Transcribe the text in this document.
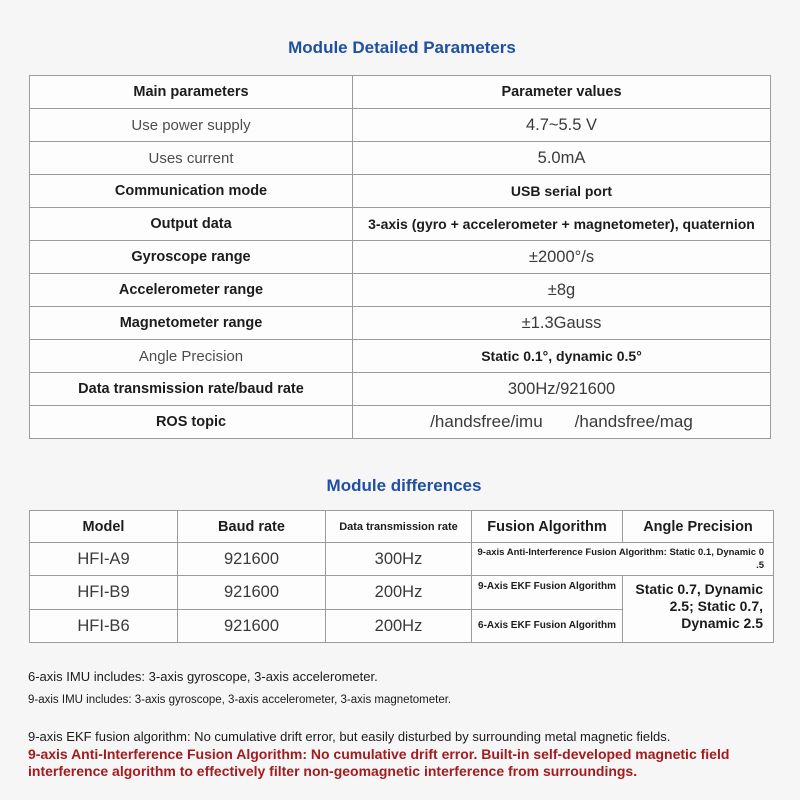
Module Detailed Parameters
Main parameters	Parameter values
Use power supply	4.7~5.5 V
Uses current	5.0mA
Communication mode	USB serial port
Output data	3-axis (gyro + accelerometer + magnetometer), quaternion
Gyroscope range	±2000°/s
Accelerometer range	±8g
Magnetometer range	±1.3Gauss
Angle Precision	Static 0.1°, dynamic 0.5°
Data transmission rate/baud rate	300Hz/921600
ROS topic	/handsfree/imu /handsfree/mag
Module differences
Model	Baud rate	Data transmission rate	Fusion Algorithm	Angle Precision
HFI-A9	921600	300Hz	9-axis Anti-Interference Fusion Algorithm: Static 0.1, Dynamic 0
.5	

HFI-B9	921600	200Hz	9-Axis EKF Fusion Algorithm	Static 0.7, Dynamic 2.5; Static 0.7, Dynamic 2.5
HFI-B6	921600	200Hz	6-Axis EKF Fusion Algorithm	
6-axis IMU includes: 3-axis gyroscope, 3-axis accelerometer.
9-axis IMU includes: 3-axis gyroscope, 3-axis accelerometer, 3-axis magnetometer.
9-axis EKF fusion algorithm: No cumulative drift error, but easily disturbed by surrounding metal magnetic fields.
9-axis Anti-Interference Fusion Algorithm: No cumulative drift error. Built-in self-developed magnetic field interference algorithm to effectively filter non-geomagnetic interference from surroundings.
